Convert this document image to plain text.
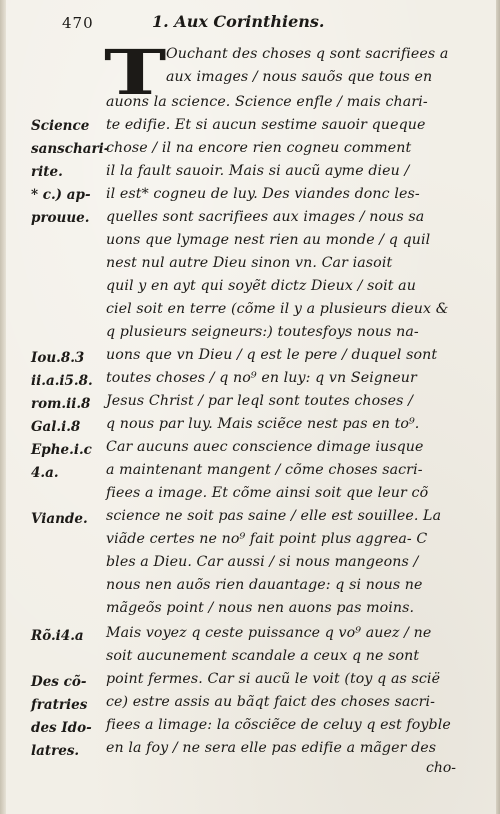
470	1. Aux Corinthiens.
T Ouchant des choses q sont sacrifiees a
aux images / nous sauõs que tous en
auons la science. Science enfle / mais chari-
te edifie. Et si aucun sestime sauoir queque
chose / il na encore rien cogneu comment
il la fault sauoir. Mais si aucũ ayme dieu /
il est* cogneu de luy. Des viandes donc les-
quelles sont sacrifiees aux images / nous sa
uons que lymage nest rien au monde / q quil
nest nul autre Dieu sinon vn. Car iasoit
quil y en ayt qui soyẽt dictz Dieux / soit au
ciel soit en terre (cõme il y a plusieurs dieux &
q plusieurs seigneurs:) toutesfoys nous na-
uons que vn Dieu / q est le pere / duquel sont
toutes choses / q no⁹ en luy: q vn Seigneur
Jesus Christ / par leql sont toutes choses /
q nous par luy. Mais sciẽce nest pas en to⁹.
Car aucuns auec conscience dimage iusque
a maintenant mangent / cõme choses sacri-
fiees a image. Et cõme ainsi soit que leur cõ
science ne soit pas saine / elle est souillee. La
viãde certes ne no⁹ fait point plus aggrea- C
bles a Dieu. Car aussi / si nous mangeons /
nous nen auõs rien dauantage: q si nous ne
mãgeõs point / nous nen auons pas moins.
Mais voyez q ceste puissance q vo⁹ auez / ne
soit aucunement scandale a ceux q ne sont
point fermes. Car si aucũ le voit (toy q as scië
ce) estre assis au bãqt faict des choses sacri-
fiees a limage: la cõsciẽce de celuy q est foyble
en la foy / ne sera elle pas edifie a mãger des
Science
sanschari-
rite.
* c.) ap-
prouue.
Iou.8.3
ii.a.i5.8.
rom.ii.8
Gal.i.8
Ephe.i.c
4.a.
Viande.
Rõ.i4.a
Des cõ-
fratries
des Ido-
latres.
cho-
